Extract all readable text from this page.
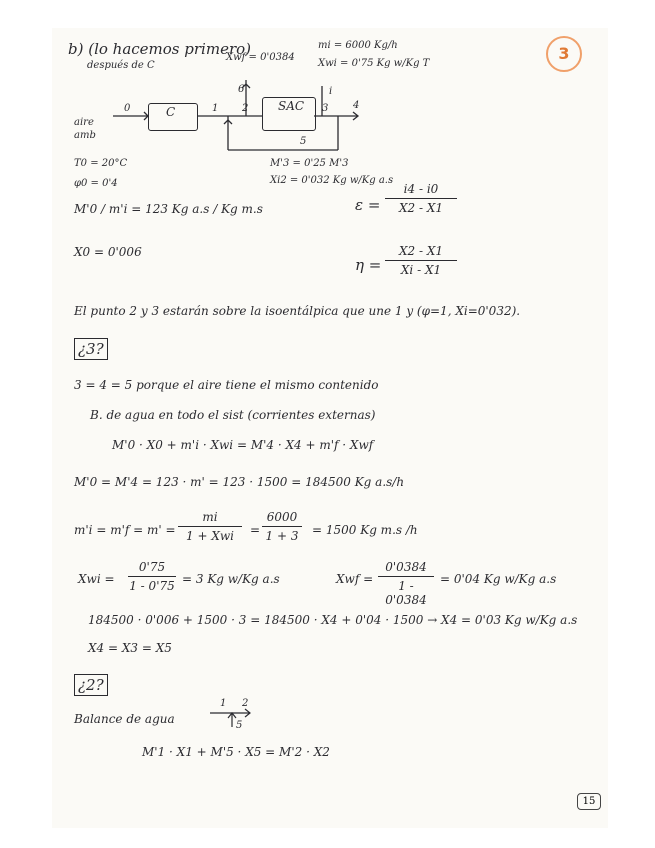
b) (lo hacemos primero)
después de C
mi = 6000 Kg/h
Xwi = 0'75 Kg w/Kg T
3
C	SAC
Xwf = 0'0384
6	i
0	1 2	3 4
5
aire
amb
T0 = 20°C
φ0 = 0'4
M'0 / m'i = 123 Kg a.s / Kg m.s
X0 = 0'006
M'3 = 0'25 M'3
Xi2 = 0'032 Kg w/Kg a.s
ε =
i4 - i0
X2 - X1
η =
X2 - X1
Xi - X1
El punto 2 y 3 estarán sobre la isoentálpica que une 1 y (φ=1, Xi=0'032).
¿3?
3 = 4 = 5 porque el aire tiene el mismo contenido
B. de agua en todo el sist (corrientes externas)
M'0 · X0 + m'i · Xwi = M'4 · X4 + m'f · Xwf
M'0 = M'4 = 123 · m' = 123 · 1500 = 184500 Kg a.s/h
m'i = m'f = m' =
mi
1 + Xwi	=
6000
1 + 3 = 1500 Kg m.s /h
Xwi =
0'75
1 - 0'75 = 3 Kg w/Kg a.s	Xwf =
0'0384
1 - 0'0384
= 0'04 Kg w/Kg a.s
184500 · 0'006 + 1500 · 3 = 184500 · X4 + 0'04 · 1500 → X4 = 0'03 Kg w/Kg a.s
X4 = X3 = X5
¿2?
Balance de agua
1 2
5
M'1 · X1 + M'5 · X5 = M'2 · X2
15
